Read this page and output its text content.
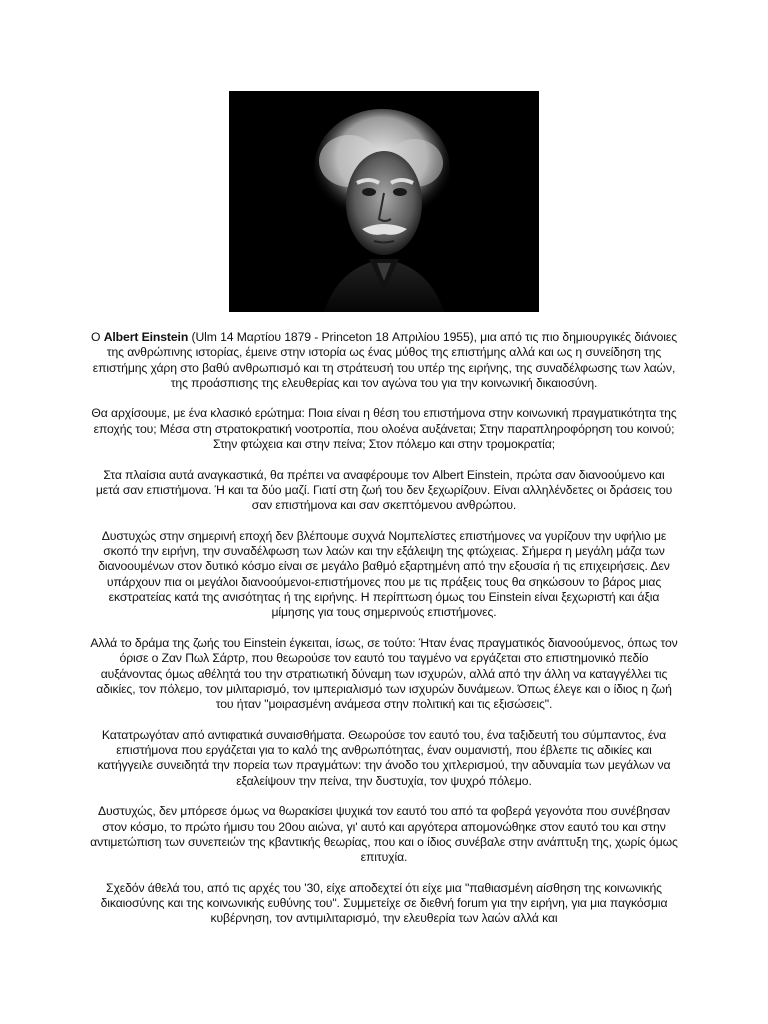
Ο Albert Einstein (Ulm 14 Μαρτίου 1879 - Princeton 18 Απριλίου 1955), μια από τις πιο δημιουργικές διάνοιες της ανθρώπινης ιστορίας, έμεινε στην ιστορία ως ένας μύθος της επιστήμης αλλά και ως η συνείδηση της επιστήμης χάρη στο βαθύ ανθρωπισμό και τη στράτευσή του υπέρ της ειρήνης, της συναδέλφωσης των λαών, της προάσπισης της ελευθερίας και τον αγώνα του για την κοινωνική δικαιοσύνη.

Θα αρχίσουμε, με ένα κλασικό ερώτημα: Ποια είναι η θέση του επιστήμονα στην κοινωνική πραγματικότητα της εποχής του; Μέσα στη στρατοκρατική νοοτροπία, που ολοένα αυξάνεται; Στην παραπληροφόρηση του κοινού; Στην φτώχεια και στην πείνα; Στον πόλεμο και στην τρομοκρατία;

Στα πλαίσια αυτά αναγκαστικά, θα πρέπει να αναφέρουμε τον Albert Einstein, πρώτα σαν διανοούμενο και μετά σαν επιστήμονα. Ή και τα δύο μαζί. Γιατί στη ζωή του δεν ξεχωρίζουν. Είναι αλληλένδετες οι δράσεις του σαν επιστήμονα και σαν σκεπτόμενου ανθρώπου.

Δυστυχώς στην σημερινή εποχή δεν βλέπουμε συχνά Νομπελίστες επιστήμονες να γυρίζουν την υφήλιο με σκοπό την ειρήνη, την συναδέλφωση των λαών και την εξάλειψη της φτώχειας. Σήμερα η μεγάλη μάζα των διανοουμένων στον δυτικό κόσμο είναι σε μεγάλο βαθμό εξαρτημένη από την εξουσία ή τις επιχειρήσεις. Δεν υπάρχουν πια οι μεγάλοι διανοούμενοι-επιστήμονες που με τις πράξεις τους θα σηκώσουν το βάρος μιας εκστρατείας κατά της ανισότητας ή της ειρήνης. Η περίπτωση όμως του Einstein είναι ξεχωριστή και άξια μίμησης για τους σημερινούς επιστήμονες.

Αλλά το δράμα της ζωής του Einstein έγκειται, ίσως, σε τούτο: Ήταν ένας πραγματικός διανοούμενος, όπως τον όρισε ο Ζαν Πωλ Σάρτρ, που θεωρούσε τον εαυτό του ταγμένο να εργάζεται στο επιστημονικό πεδίο αυξάνοντας όμως αθέλητά του την στρατιωτική δύναμη των ισχυρών, αλλά από την άλλη να καταγγέλλει τις αδικίες, τον πόλεμο, τον μιλιταρισμό, τον ιμπεριαλισμό των ισχυρών δυνάμεων. Όπως έλεγε και ο ίδιος η ζωή του ήταν "μοιρασμένη ανάμεσα στην πολιτική και τις εξισώσεις".

Κατατρωγόταν από αντιφατικά συναισθήματα. Θεωρούσε τον εαυτό του, ένα ταξιδευτή του σύμπαντος, ένα επιστήμονα που εργάζεται για το καλό της ανθρωπότητας, έναν ουμανιστή, που έβλεπε τις αδικίες και κατήγγειλε συνειδητά την πορεία των πραγμάτων: την άνοδο του χιτλερισμού, την αδυναμία των μεγάλων να εξαλείψουν την πείνα, την δυστυχία, τον ψυχρό πόλεμο.

Δυστυχώς, δεν μπόρεσε όμως να θωρακίσει ψυχικά τον εαυτό του από τα φοβερά γεγονότα που συνέβησαν στον κόσμο, το πρώτο ήμισυ του 20ου αιώνα, γι' αυτό και αργότερα απομονώθηκε στον εαυτό του και στην αντιμετώπιση των συνεπειών της κβαντικής θεωρίας, που και ο ίδιος συνέβαλε στην ανάπτυξη της, χωρίς όμως επιτυχία.

Σχεδόν άθελά του, από τις αρχές του '30, είχε αποδεχτεί ότι είχε μια "παθιασμένη αίσθηση της κοινωνικής δικαιοσύνης και της κοινωνικής ευθύνης του". Συμμετείχε σε διεθνή forum για την ειρήνη, για μια παγκόσμια κυβέρνηση, τον αντιμιλιταρισμό, την ελευθερία των λαών αλλά και
